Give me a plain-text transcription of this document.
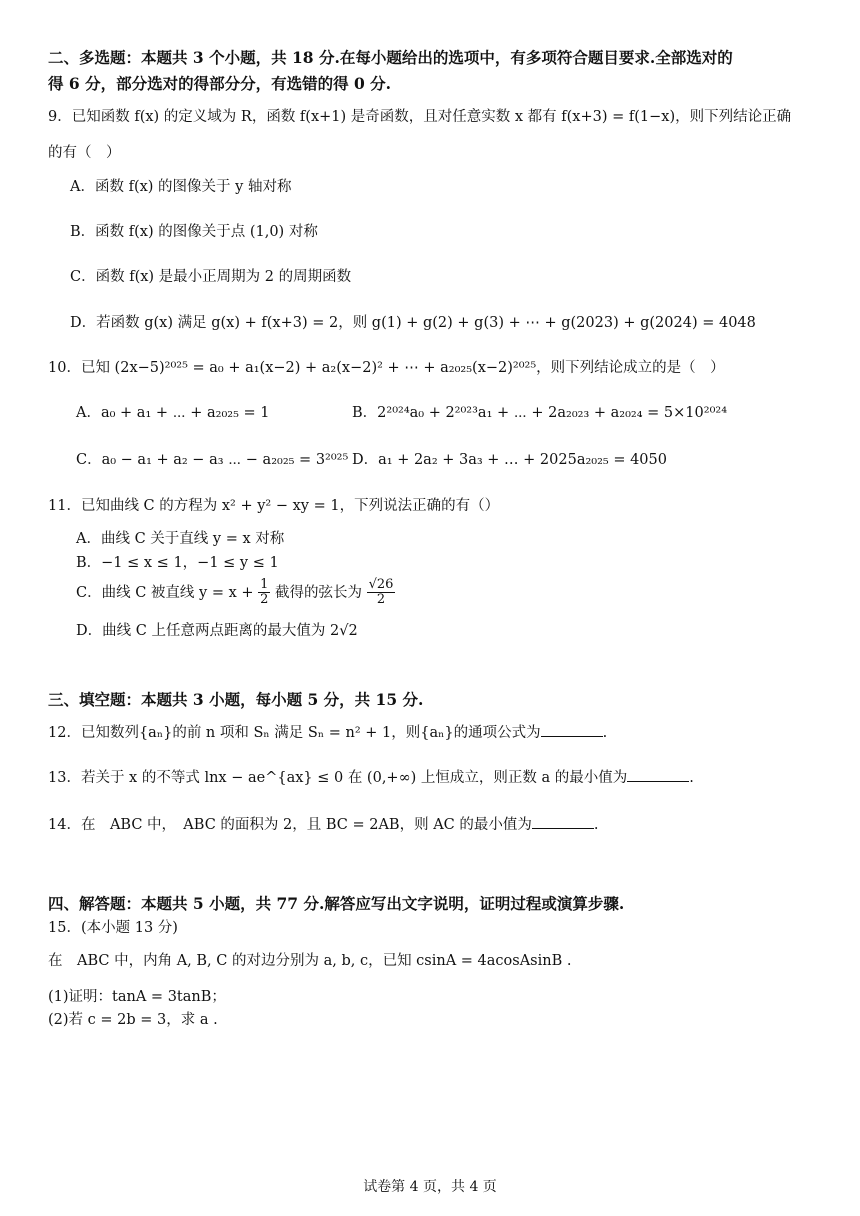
二、多选题：本题共 3 个小题，共 18 分.在每小题给出的选项中，有多项符合题目要求.全部选对的
得 6 分，部分选对的得部分分，有选错的得 0 分.
9．已知函数 f(x) 的定义域为 R，函数 f(x+1) 是奇函数，且对任意实数 x 都有 f(x+3) = f(1−x)，则下列结论正确
的有（　）
A．函数 f(x) 的图像关于 y 轴对称
B．函数 f(x) 的图像关于点 (1,0) 对称
C．函数 f(x) 是最小正周期为 2 的周期函数
D．若函数 g(x) 满足 g(x) + f(x+3) = 2，则 g(1) + g(2) + g(3) + ⋯ + g(2023) + g(2024) = 4048
10．已知 (2x−5)²⁰²⁵ = a₀ + a₁(x−2) + a₂(x−2)² + ⋯ + a₂₀₂₅(x−2)²⁰²⁵，则下列结论成立的是（　）
A．a₀ + a₁ + ⋯ + a₂₀₂₅ = 1	B．2²⁰²⁴a₀ + 2²⁰²³a₁ + ⋯ + 2a₂₀₂₃ + a₂₀₂₄ = 5×10²⁰²⁴
C．a₀ − a₁ + a₂ − a₃ ⋯ − a₂₀₂₅ = 3²⁰²⁵ D．a₁ + 2a₂ + 3a₃ + … + 2025a₂₀₂₅ = 4050
11．已知曲线 C 的方程为 x² + y² − xy = 1，下列说法正确的有（）
A．曲线 C 关于直线 y = x 对称
B．−1 ≤ x ≤ 1，−1 ≤ y ≤ 1
C．曲线 C 被直线 $y = x + \frac{1}{2}$ 截得的弦长为 $\frac{√26}{2}$
D．曲线 C 上任意两点距离的最大值为 2√2
三、填空题：本题共 3 小题，每小题 5 分，共 15 分.
12．已知数列{aₙ}的前 n 项和 Sₙ 满足 Sₙ = n² + 1，则{aₙ}的通项公式为	.
13．若关于 x 的不等式 lnx − ae^{ax} ≤ 0 在 (0,+∞) 上恒成立，则正数 a 的最小值为	.
14．在　ABC 中，　ABC 的面积为 2，且 BC = 2AB，则 AC 的最小值为	.
四、解答题：本题共 5 小题，共 77 分.解答应写出文字说明，证明过程或演算步骤.
15．(本小题 13 分)
在　ABC 中，内角 A, B, C 的对边分别为 a, b, c，已知 csinA = 4acosAsinB .
(1)证明：tanA = 3tanB；
(2)若 c = 2b = 3，求 a .
试卷第 4 页，共 4 页
